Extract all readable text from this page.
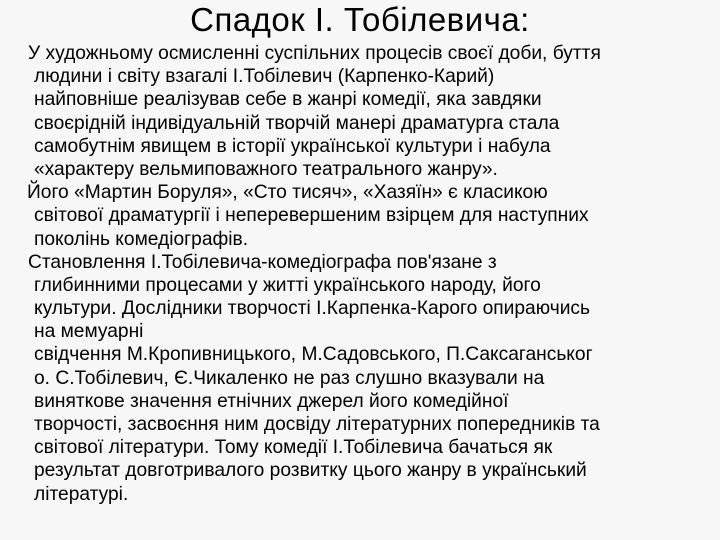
Спадок І. Тобілевича:

У художньому осмисленні суспільних процесів своєї доби, буття
людини і світу взагалі І.Тобілевич (Карпенко-Карий)
найповніше реалізував себе в жанрі комедії, яка завдяки
своєрідній індивідуальній творчій манері драматурга стала
самобутнім явищем в історії української культури і набула
«характеру вельмиповажного театрального жанру».

Його «Мартин Боруля», «Сто тисяч», «Хазяїн» є класикою
світової драматургії і неперевершеним взірцем для наступних
поколінь комедіографів.

Становлення І.Тобілевича-комедіографа пов'язане з
глибинними процесами у житті українського народу, його
культури. Дослідники творчості І.Карпенка-Карого опираючись
на мемуарні
свідчення М.Кропивницького, М.Садовського, П.Саксаганськог
о. С.Тобілевич, Є.Чикаленко не раз слушно вказували на
виняткове значення етнічних джерел його комедійної
творчості, засвоєння ним досвіду літературних попередників та
світової літератури. Тому комедії І.Тобілевича бачаться як
результат довготривалого розвитку цього жанру в український
літературі.
